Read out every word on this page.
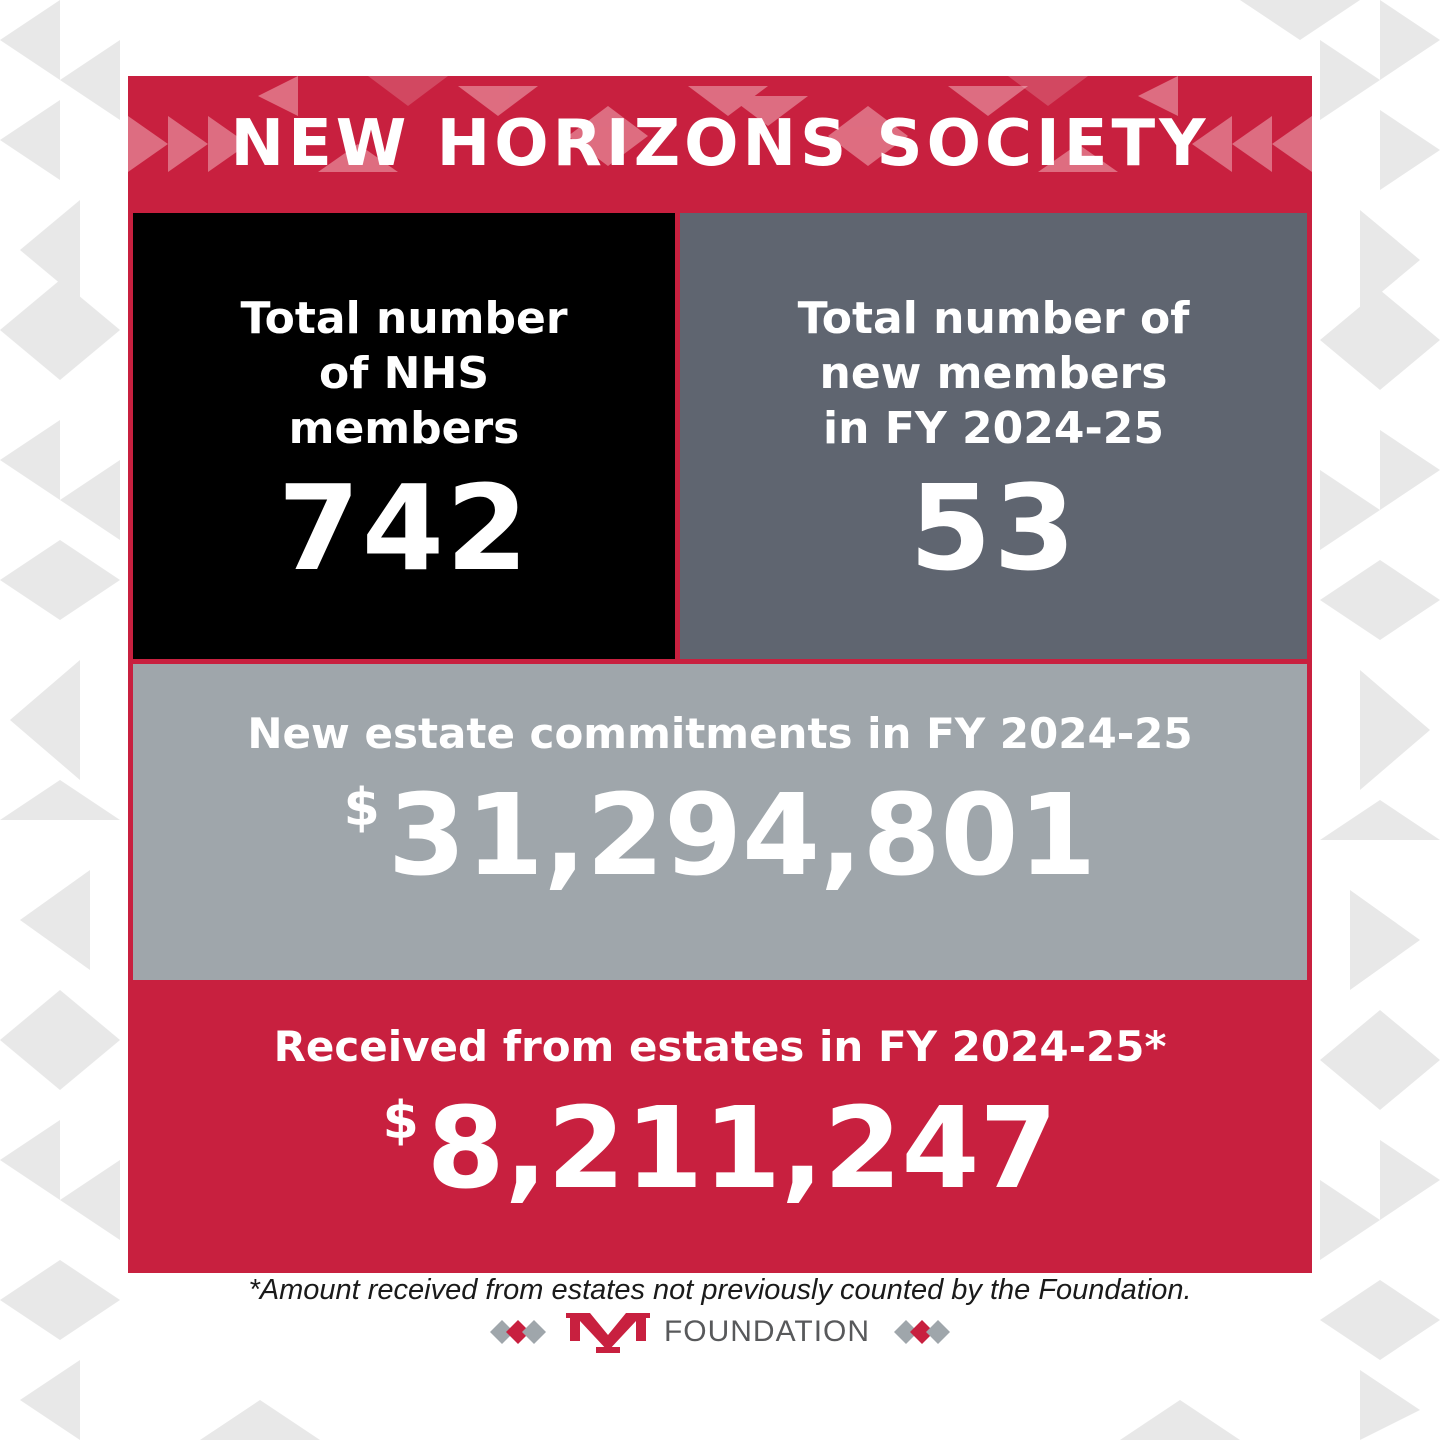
NEW HORIZONS SOCIETY
Total number
of NHS
members
742
Total number of
new members
in FY 2024-25
53
New estate commitments in FY 2024-25
$ 31,294,801
Received from estates in FY 2024-25*
$ 8,211,247
*Amount received from estates not previously counted by the Foundation.
FOUNDATION
